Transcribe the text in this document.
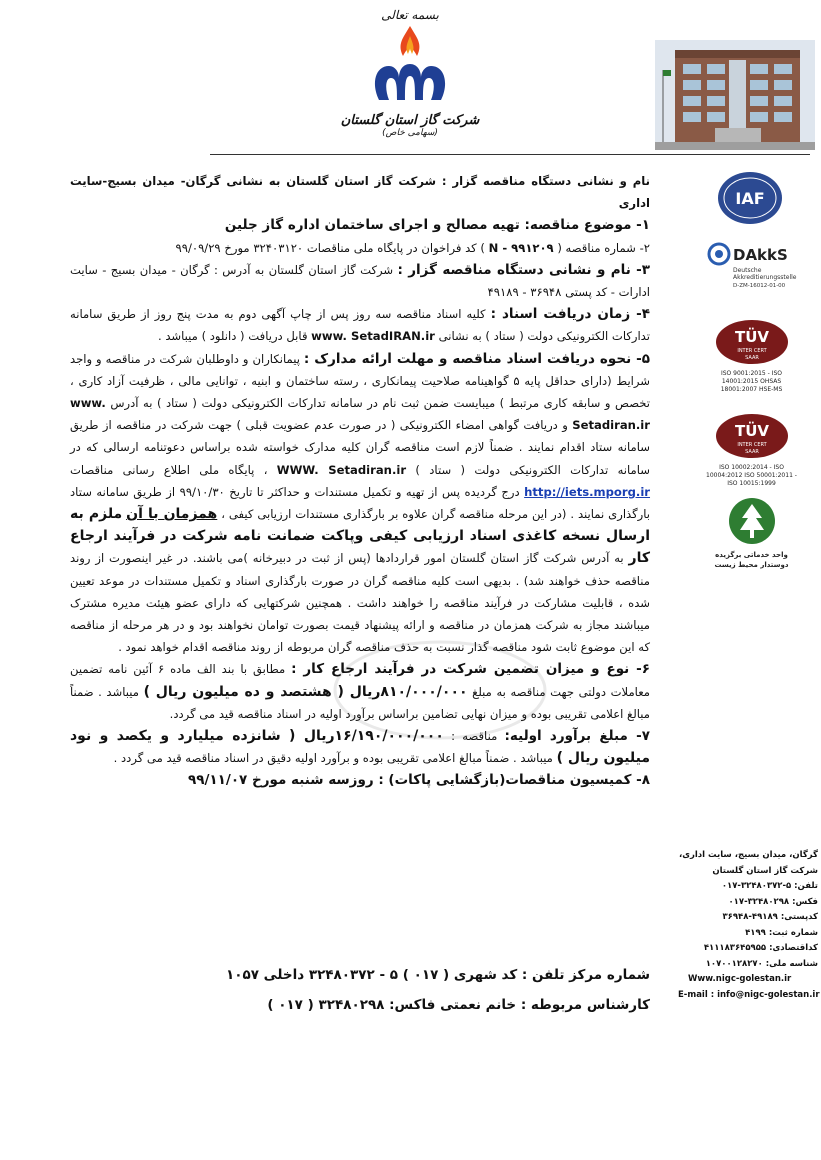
بسمه تعالی
شرکت گاز استان گلستان
(سهامی خاص)
IAF
DAkkS
Deutsche
Akkreditierungsstelle
D-ZM-16012-01-00
TÜV
INTER CERT
SAAR
ISO 9001:2015 - ISO 14001:2015 OHSAS 18001:2007 HSE-MS
TÜV
INTER CERT
SAAR
ISO 10002:2014 - ISO 10004:2012 ISO 50001:2011 - ISO 10015:1999
واحد خدماتی برگزیده
دوستدار محیط زیست
گرگان، میدان بسیج، سایت اداری،
شرکت گاز استان گلستان
تلفن: ۵-۳۲۴۸۰۳۷۲-۰۱۷
فکس: ۳۲۴۸۰۲۹۸-۰۱۷
کدپستی: ۴۹۱۸۹-۳۶۹۴۸
شماره ثبت: ۴۱۹۹
کداقتصادی: ۴۱۱۱۸۳۶۴۵۹۵۵
شناسه ملی: ۱۰۷۰۰۱۲۸۲۷۰
Www.nigc-golestan.ir
E-mail : info@nigc-golestan.ir

نام و نشانی دستگاه مناقصه گزار : شرکت گاز استان گلستان به نشانی گرگان- میدان بسیج-سایت اداری

۱- موضوع مناقصه: تهیه مصالح و اجرای ساختمان اداره گاز جلین

۲- شماره مناقصه ( N - ۹۹۱۲۰۹ ) کد فراخوان در پایگاه ملی مناقصات ۳۲۴۰۳۱۲۰ مورخ ۹۹/۰۹/۲۹

۳- نام و نشانی دستگاه مناقصه گزار : شرکت گاز استان گلستان به آدرس : گرگان - میدان بسیج - سایت ادارات - کد پستی ۳۶۹۴۸ - ۴۹۱۸۹

۴- زمان دریافت اسناد : کلیه اسناد مناقصه سه روز پس از چاپ آگهی دوم به مدت پنج روز از طریق سامانه تدارکات الکترونیکی دولت ( ستاد ) به نشانی www. SetadIRAN.ir قابل دریافت ( دانلود ) میباشد .

۵- نحوه دریافت اسناد مناقصه و مهلت ارائه مدارک : پیمانکاران و داوطلبان شرکت در مناقصه و واجد شرایط (دارای حداقل پایه ۵ گواهینامه صلاحیت پیمانکاری ، رسته ساختمان و ابنیه ، توانایی مالی ، ظرفیت آزاد کاری ، تخصص و سابقه کاری مرتبط ) میبایست ضمن ثبت نام در سامانه تدارکات الکترونیکی دولت ( ستاد ) به آدرس www. Setadiran.ir و دریافت گواهی امضاء الکترونیکی ( در صورت عدم عضویت قبلی ) جهت شرکت در مناقصه از طریق سامانه ستاد اقدام نمایند . ضمناً لازم است مناقصه گران کلیه مدارک خواسته شده براساس دعوتنامه ارسالی که در سامانه تدارکات الکترونیکی دولت ( ستاد ) WWW. Setadiran.ir ، پایگاه ملی اطلاع رسانی مناقصات http://iets.mporg.ir درج گردیده پس از تهیه و تکمیل مستندات و حداکثر تا تاریخ ۹۹/۱۰/۳۰ از طریق سامانه ستاد بارگذاری نمایند . (در این مرحله مناقصه گران علاوه بر بارگذاری مستندات ارزیابی کیفی ، همزمان با آن ملزم به ارسال نسخه کاغذی اسناد ارزیابی کیفی وپاکت ضمانت نامه شرکت در فرآیند ارجاع کار به آدرس شرکت گاز استان گلستان امور قراردادها (پس از ثبت در دبیرخانه )می باشند. در غیر اینصورت از روند مناقصه حذف خواهند شد) . بدیهی است کلیه مناقصه گران در صورت بارگذاری اسناد و تکمیل مستندات در موعد تعیین شده ، قابلیت مشارکت در فرآیند مناقصه را خواهند داشت . همچنین شرکتهایی که دارای عضو هیئت مدیره مشترک میباشند مجاز به شرکت همزمان در مناقصه و ارائه پیشنهاد قیمت بصورت توامان نخواهند بود و در هر مرحله از مناقصه که این موضوع ثابت شود مناقصه گذار نسبت به حذف مناقصه گران مربوطه از روند مناقصه اقدام خواهد نمود .

۶- نوع و میزان تضمین شرکت در فرآیند ارجاع کار : مطابق با بند الف ماده ۶ آئین نامه تضمین معاملات دولتی جهت مناقصه به مبلغ ۸۱۰/۰۰۰/۰۰۰ریال ( هشتصد و ده میلیون ریال ) میباشد . ضمناً مبالغ اعلامی تقریبی بوده و میزان نهایی تضامین براساس برآورد اولیه در اسناد مناقصه قید می گردد.

۷- مبلغ برآورد اولیه: مناقصه : ۱۶/۱۹۰/۰۰۰/۰۰۰ریال ( شانزده میلیارد و یکصد و نود میلیون ریال ) میباشد . ضمناً مبالغ اعلامی تقریبی بوده و برآورد اولیه دقیق در اسناد مناقصه قید می گردد .

۸- کمیسیون مناقصات(بازگشایی پاکات) : روزسه شنبه مورخ ۹۹/۱۱/۰۷

شماره مرکز تلفن : کد شهری ( ۰۱۷ ) ۵ - ۳۲۴۸۰۳۷۲ داخلی ۱۰۵۷
کارشناس مربوطه : خانم نعمتی فاکس: ۳۲۴۸۰۲۹۸ ( ۰۱۷ )
